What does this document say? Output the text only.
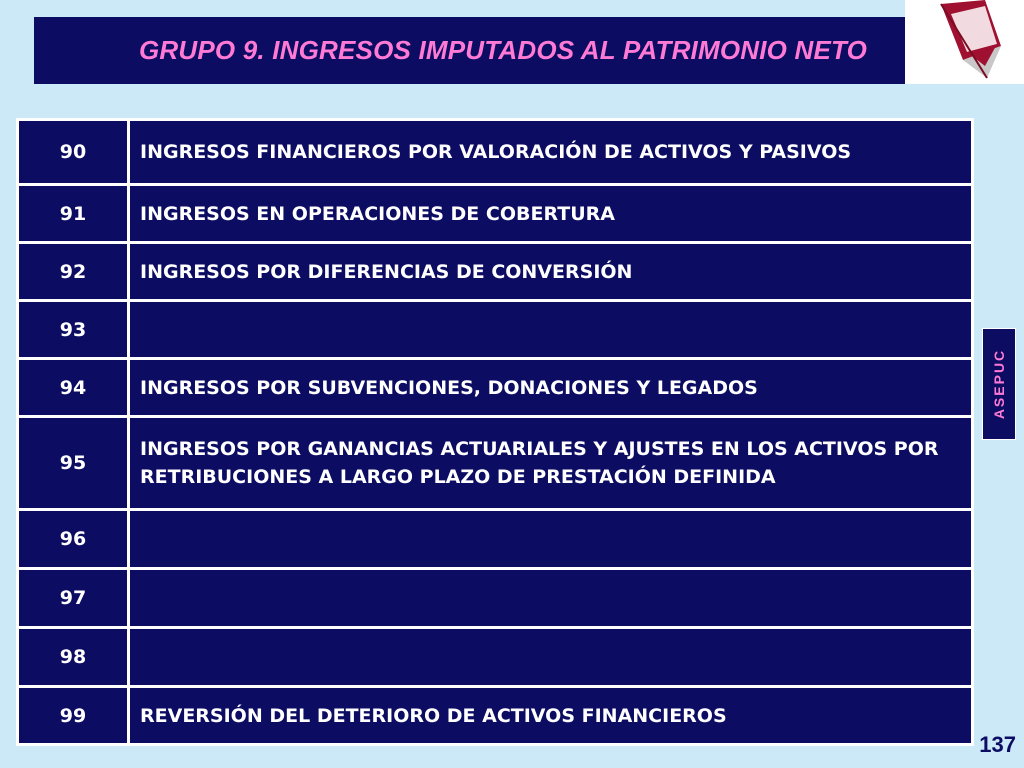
GRUPO 9. INGRESOS IMPUTADOS AL PATRIMONIO NETO
90	INGRESOS FINANCIEROS POR VALORACIÓN DE ACTIVOS Y PASIVOS
91	INGRESOS EN OPERACIONES DE COBERTURA
92	INGRESOS POR DIFERENCIAS DE CONVERSIÓN
93	
94	INGRESOS POR SUBVENCIONES, DONACIONES Y LEGADOS
95	INGRESOS POR GANANCIAS ACTUARIALES Y AJUSTES EN LOS ACTIVOS POR RETRIBUCIONES A LARGO PLAZO DE PRESTACIÓN DEFINIDA
96	
97	
98	
99	REVERSIÓN DEL DETERIORO DE ACTIVOS FINANCIEROS
ASEPUC
137
